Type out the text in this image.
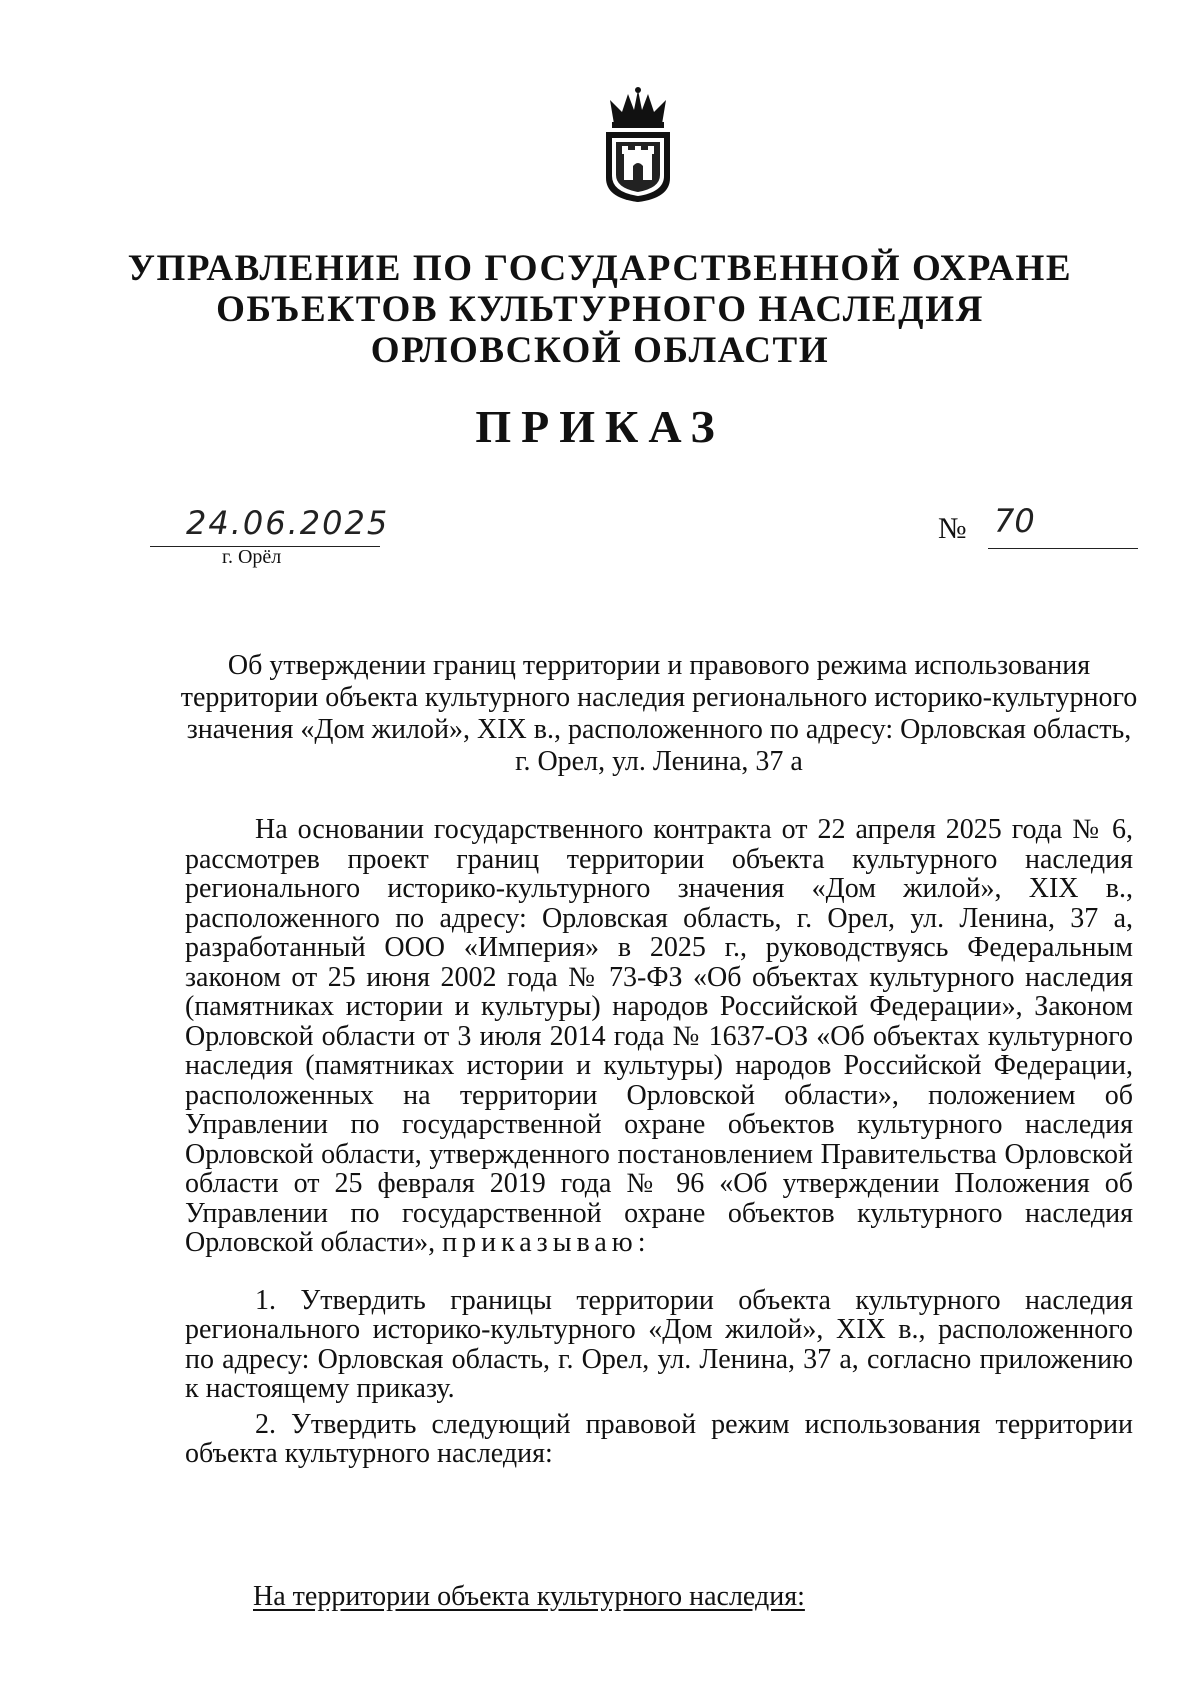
УПРАВЛЕНИЕ ПО ГОСУДАРСТВЕННОЙ ОХРАНЕ
ОБЪЕКТОВ КУЛЬТУРНОГО НАСЛЕДИЯ
ОРЛОВСКОЙ ОБЛАСТИ
ПРИКАЗ
24.06.2025
г. Орёл
№ 70
Об утверждении границ территории и правового режима использования
территории объекта культурного наследия регионального историко-культурного
значения «Дом жилой», XIX в., расположенного по адресу: Орловская область,
г. Орел, ул. Ленина, 37 а

На основании государственного контракта от 22 апреля 2025 года № 6, рассмотрев проект границ территории объекта культурного наследия регионального историко-культурного значения «Дом жилой», XIX в., расположенного по адресу: Орловская область, г. Орел, ул. Ленина, 37 а, разработанный ООО «Империя» в 2025 г., руководствуясь Федеральным законом от 25 июня 2002 года № 73-ФЗ «Об объектах культурного наследия (памятниках истории и культуры) народов Российской Федерации», Законом Орловской области от 3 июля 2014 года № 1637-ОЗ «Об объектах культурного наследия (памятниках истории и культуры) народов Российской Федерации, расположенных на территории Орловской области», положением об Управлении по государственной охране объектов культурного наследия Орловской области, утвержденного постановлением Правительства Орловской области от 25 февраля 2019 года № 96 «Об утверждении Положения об Управлении по государственной охране объектов культурного наследия Орловской области», приказываю:

1. Утвердить границы территории объекта культурного наследия регионального историко-культурного «Дом жилой», XIX в., расположенного по адресу: Орловская область, г. Орел, ул. Ленина, 37 а, согласно приложению к настоящему приказу.

2. Утвердить следующий правовой режим использования территории объекта культурного наследия:

На территории объекта культурного наследия:
